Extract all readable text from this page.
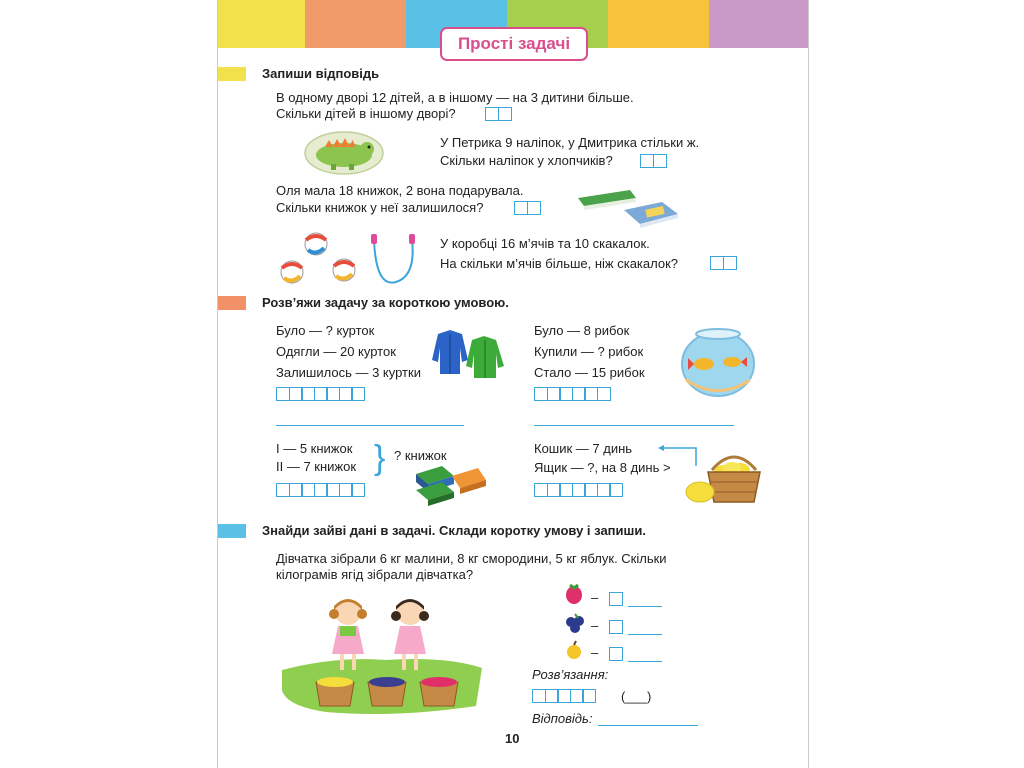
Прості задачі
Запиши відповідь
В одному дворі 12 дітей, а в іншому — на 3 дитини більше.
Скільки дітей в іншому дворі?
У Петрика 9 наліпок, у Дмитрика стільки ж.
Скільки наліпок у хлопчиків?
Оля мала 18 книжок, 2 вона подарувала.
Скільки книжок у неї залишилося?
У коробці 16 м’ячів та 10 скакалок.
На скільки м’ячів більше, ніж скакалок?
Розв’яжи задачу за короткою умовою.
Було — ? курток
Одягли — 20 курток
Залишилось — 3 куртки
Було — 8 рибок
Купили — ? рибок
Стало — 15 рибок
І — 5 книжок
ІІ — 7 книжок } ? книжок	Кошик — 7 динь
Ящик — ?, на 8 динь >
Знайди зайві дані в задачі. Склади коротку умову і запиши.
Дівчатка зібрали 6 кг малини, 8 кг смородини, 5 кг яблук. Скільки
кілограмів ягід зібрали дівчатка?
–
–
–
Розв’язання:
(___)
Відповідь:
10
